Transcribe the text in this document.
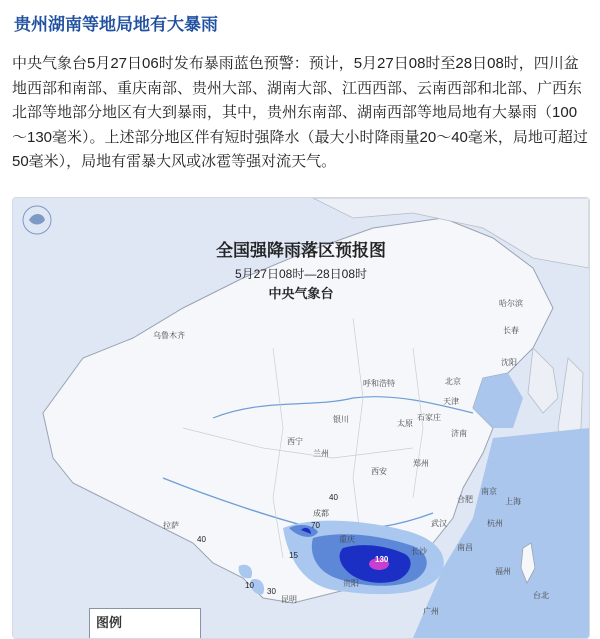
贵州湖南等地局地有大暴雨
中央气象台5月27日06时发布暴雨蓝色预警：预计，5月27日08时至28日08时，四川盆地西部和南部、重庆南部、贵州大部、湖南大部、江西西部、云南西部和北部、广西东北部等地部分地区有大到暴雨，其中，贵州东南部、湖南西部等地局地有大暴雨（100～130毫米）。上述部分地区伴有短时强降水（最大小时降雨量20～40毫米，局地可超过50毫米），局地有雷暴大风或冰雹等强对流天气。
全国强降雨落区预报图
5月27日08时—28日08时
中央气象台
哈尔滨
长春
沈阳
乌鲁木齐
呼和浩特	北京
天津
银川	太原
石家庄
济南
西宁
兰州
郑州
西安
南京
合肥	上海
成都
武汉	杭州
拉萨
重庆
长沙	南昌
福州
贵阳
昆明
广州
台北
40
70
40
15	130
10
30
图例
